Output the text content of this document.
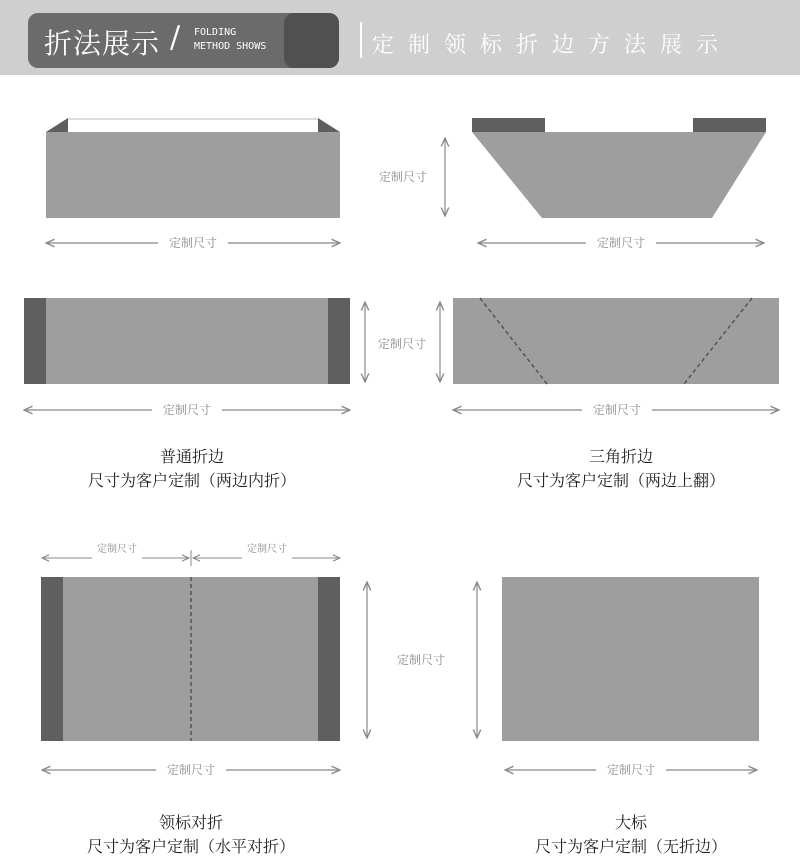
折法展示 / FOLDING
METHOD SHOWS	定制领标折边方法展示
定制尺寸
定制尺寸	定制尺寸
定制尺寸
定制尺寸	定制尺寸
定制尺寸	定制尺寸
定制尺寸
定制尺寸	定制尺寸
普通折边
尺寸为客户定制（两边内折）
三角折边
尺寸为客户定制（两边上翻）
领标对折
尺寸为客户定制（水平对折）
大标
尺寸为客户定制（无折边）
